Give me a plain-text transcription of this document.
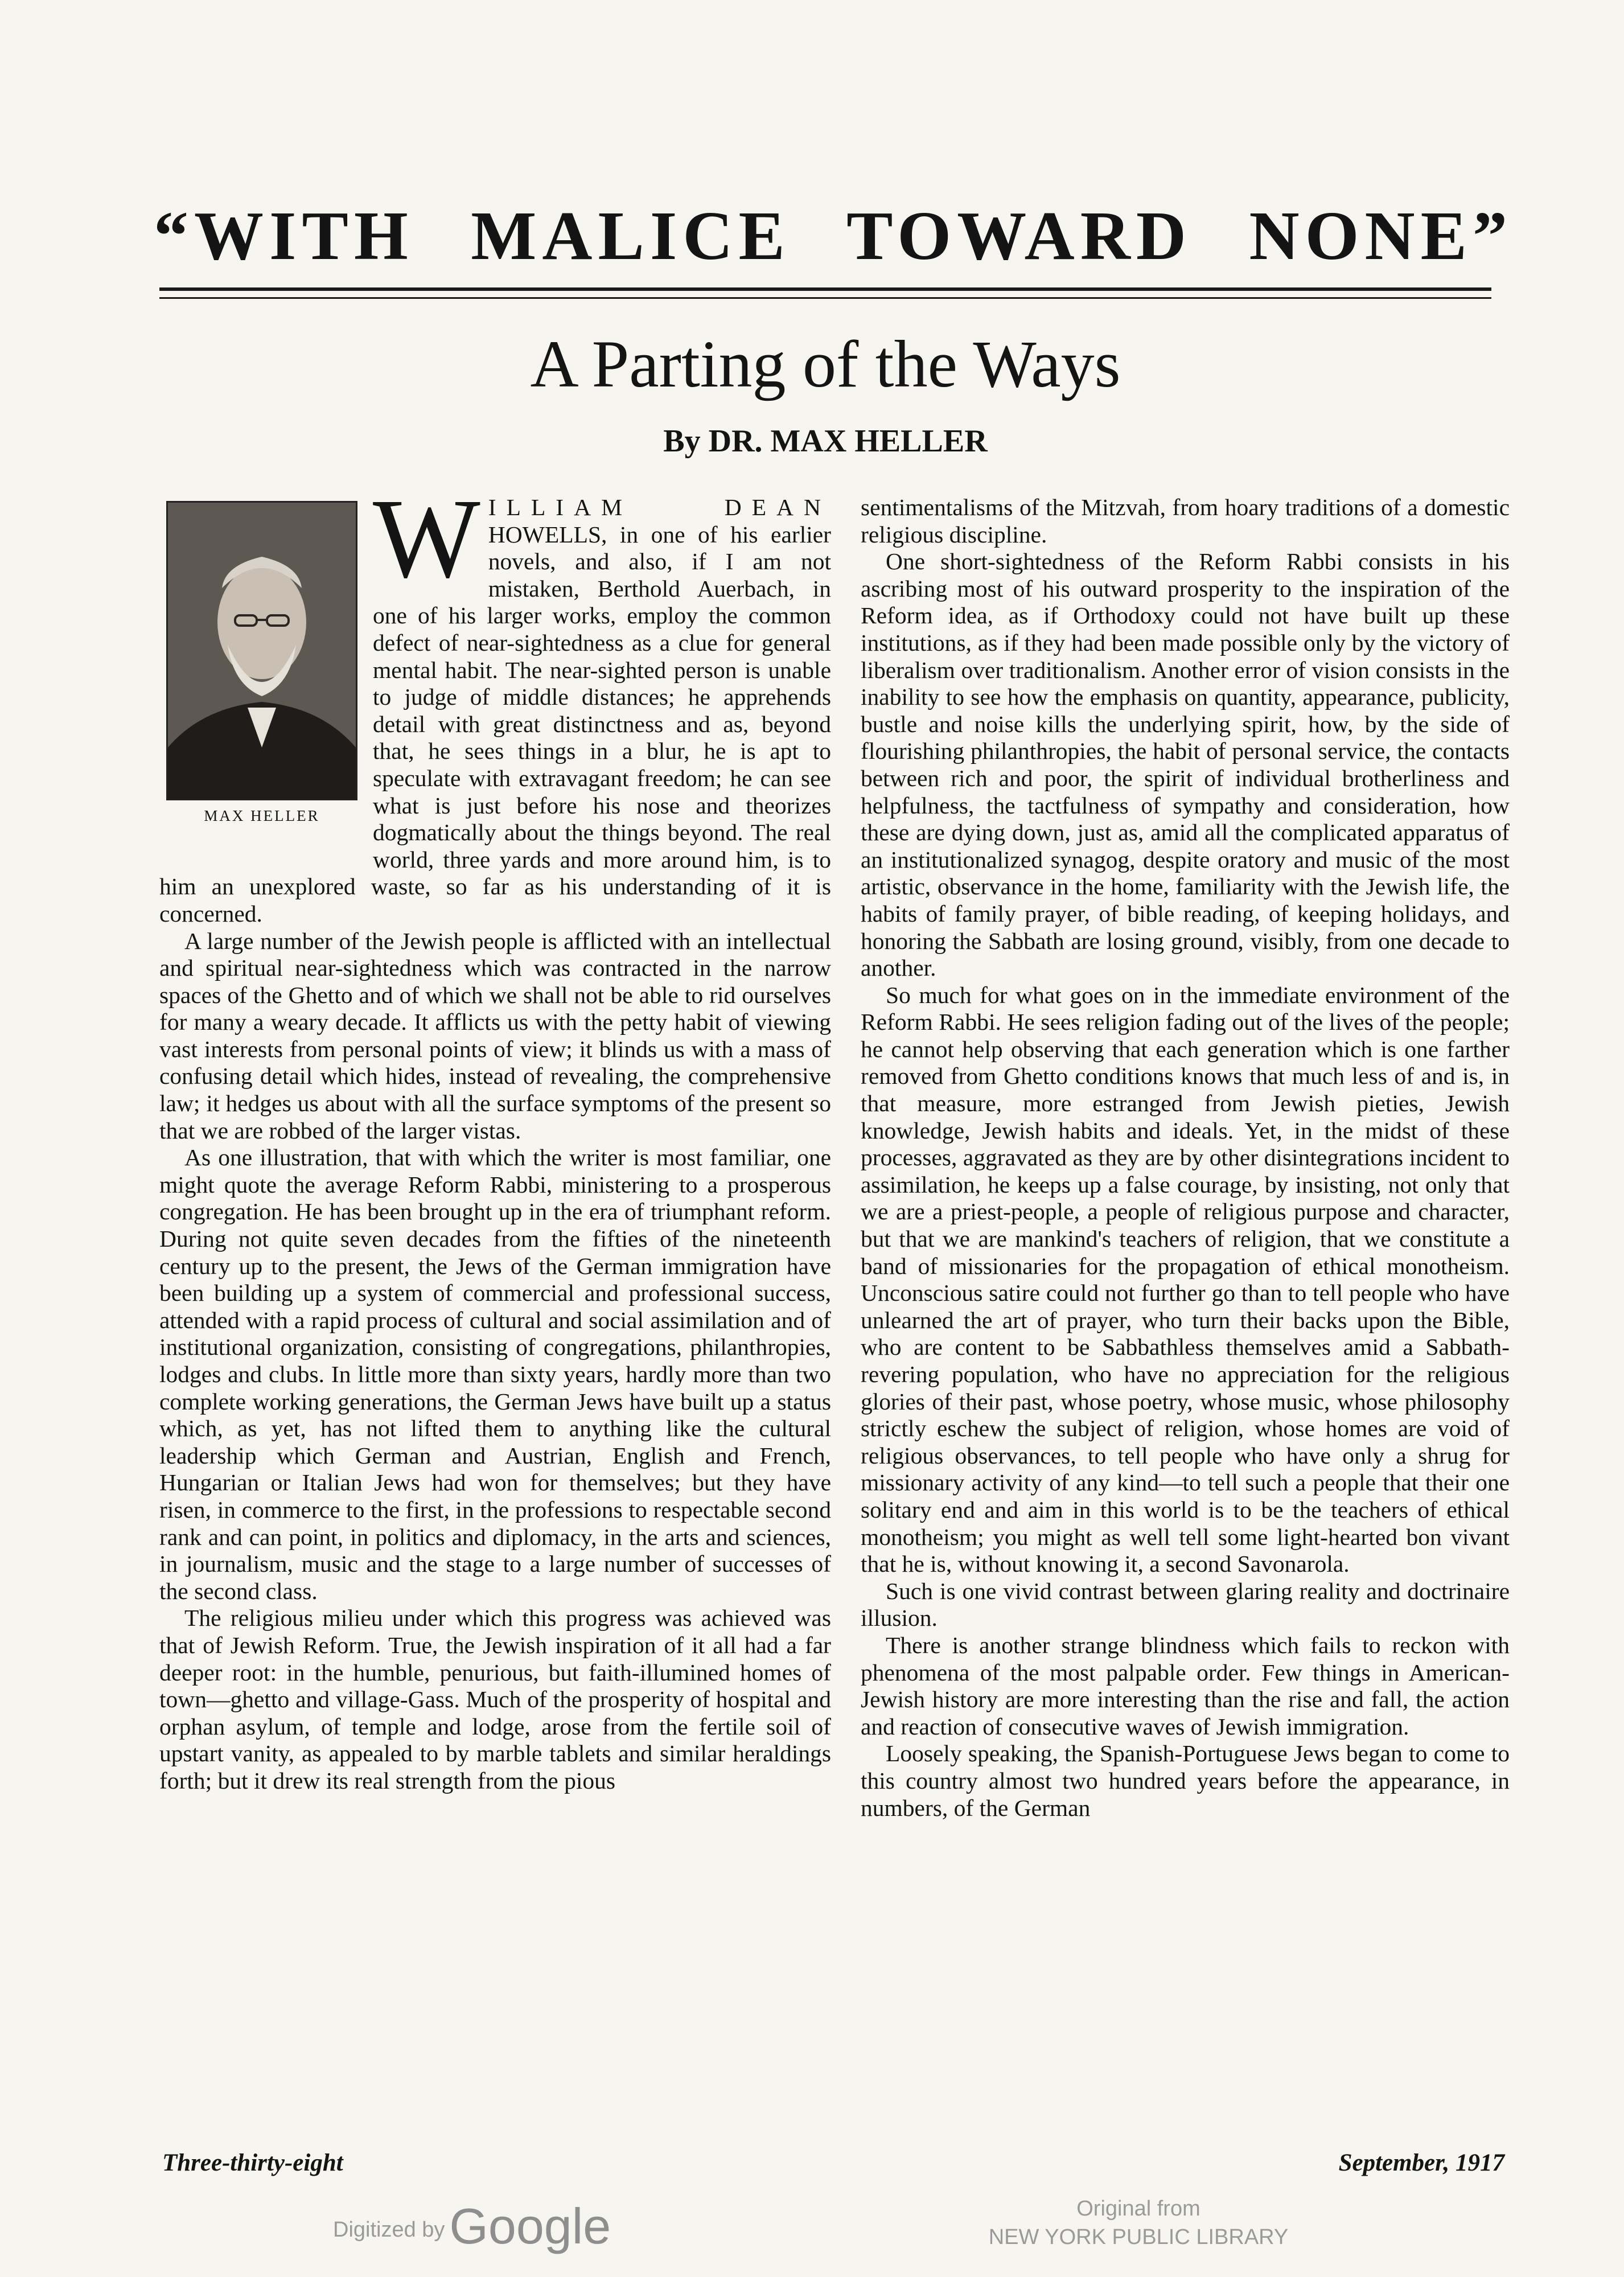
“WITH MALICE TOWARD NONE”
A Parting of the Ways
By DR. MAX HELLER
MAX HELLER

WILLIAM DEAN HOWELLS, in one of his earlier novels, and also, if I am not mistaken, Berthold Auerbach, in one of his larger works, employ the common defect of near-sightedness as a clue for general mental habit. The near-sighted person is unable to judge of middle distances; he apprehends detail with great distinctness and as, beyond that, he sees things in a blur, he is apt to speculate with extravagant freedom; he can see what is just before his nose and theorizes dogmatically about the things beyond. The real world, three yards and more around him, is to him an unexplored waste, so far as his understanding of it is concerned.

A large number of the Jewish people is afflicted with an intellectual and spiritual near-sightedness which was contracted in the narrow spaces of the Ghetto and of which we shall not be able to rid ourselves for many a weary decade. It afflicts us with the petty habit of viewing vast interests from personal points of view; it blinds us with a mass of confusing detail which hides, instead of revealing, the comprehensive law; it hedges us about with all the surface symptoms of the present so that we are robbed of the larger vistas.

As one illustration, that with which the writer is most familiar, one might quote the average Reform Rabbi, ministering to a prosperous congregation. He has been brought up in the era of triumphant reform. During not quite seven decades from the fifties of the nineteenth century up to the present, the Jews of the German immigration have been building up a system of commercial and professional success, attended with a rapid process of cultural and social assimilation and of institutional organization, consisting of congregations, philanthropies, lodges and clubs. In little more than sixty years, hardly more than two complete working generations, the German Jews have built up a status which, as yet, has not lifted them to anything like the cultural leadership which German and Austrian, English and French, Hungarian or Italian Jews had won for themselves; but they have risen, in commerce to the first, in the professions to respectable second rank and can point, in politics and diplomacy, in the arts and sciences, in journalism, music and the stage to a large number of successes of the second class.

The religious milieu under which this progress was achieved was that of Jewish Reform. True, the Jewish inspiration of it all had a far deeper root: in the humble, penurious, but faith-illumined homes of town—ghetto and village-Gass. Much of the prosperity of hospital and orphan asylum, of temple and lodge, arose from the fertile soil of upstart vanity, as appealed to by marble tablets and similar heraldings forth; but it drew its real strength from the pious

sentimentalisms of the Mitzvah, from hoary traditions of a domestic religious discipline.

One short-sightedness of the Reform Rabbi consists in his ascribing most of his outward prosperity to the inspiration of the Reform idea, as if Orthodoxy could not have built up these institutions, as if they had been made possible only by the victory of liberalism over traditionalism. Another error of vision consists in the inability to see how the emphasis on quantity, appearance, publicity, bustle and noise kills the underlying spirit, how, by the side of flourishing philanthropies, the habit of personal service, the contacts between rich and poor, the spirit of individual brotherliness and helpfulness, the tactfulness of sympathy and consideration, how these are dying down, just as, amid all the complicated apparatus of an institutionalized synagog, despite oratory and music of the most artistic, observance in the home, familiarity with the Jewish life, the habits of family prayer, of bible reading, of keeping holidays, and honoring the Sabbath are losing ground, visibly, from one decade to another.

So much for what goes on in the immediate environment of the Reform Rabbi. He sees religion fading out of the lives of the people; he cannot help observing that each generation which is one farther removed from Ghetto conditions knows that much less of and is, in that measure, more estranged from Jewish pieties, Jewish knowledge, Jewish habits and ideals. Yet, in the midst of these processes, aggravated as they are by other disintegrations incident to assimilation, he keeps up a false courage, by insisting, not only that we are a priest-people, a people of religious purpose and character, but that we are mankind's teachers of religion, that we constitute a band of missionaries for the propagation of ethical monotheism. Unconscious satire could not further go than to tell people who have unlearned the art of prayer, who turn their backs upon the Bible, who are content to be Sabbathless themselves amid a Sabbath-revering population, who have no appreciation for the religious glories of their past, whose poetry, whose music, whose philosophy strictly eschew the subject of religion, whose homes are void of religious observances, to tell people who have only a shrug for missionary activity of any kind—to tell such a people that their one solitary end and aim in this world is to be the teachers of ethical monotheism; you might as well tell some light-hearted bon vivant that he is, without knowing it, a second Savonarola.

Such is one vivid contrast between glaring reality and doctrinaire illusion.

There is another strange blindness which fails to reckon with phenomena of the most palpable order. Few things in American-Jewish history are more interesting than the rise and fall, the action and reaction of consecutive waves of Jewish immigration.

Loosely speaking, the Spanish-Portuguese Jews began to come to this country almost two hundred years before the appearance, in numbers, of the German

Three-thirty-eight	September, 1917
Digitized byGoogle	Original from
NEW YORK PUBLIC LIBRARY
